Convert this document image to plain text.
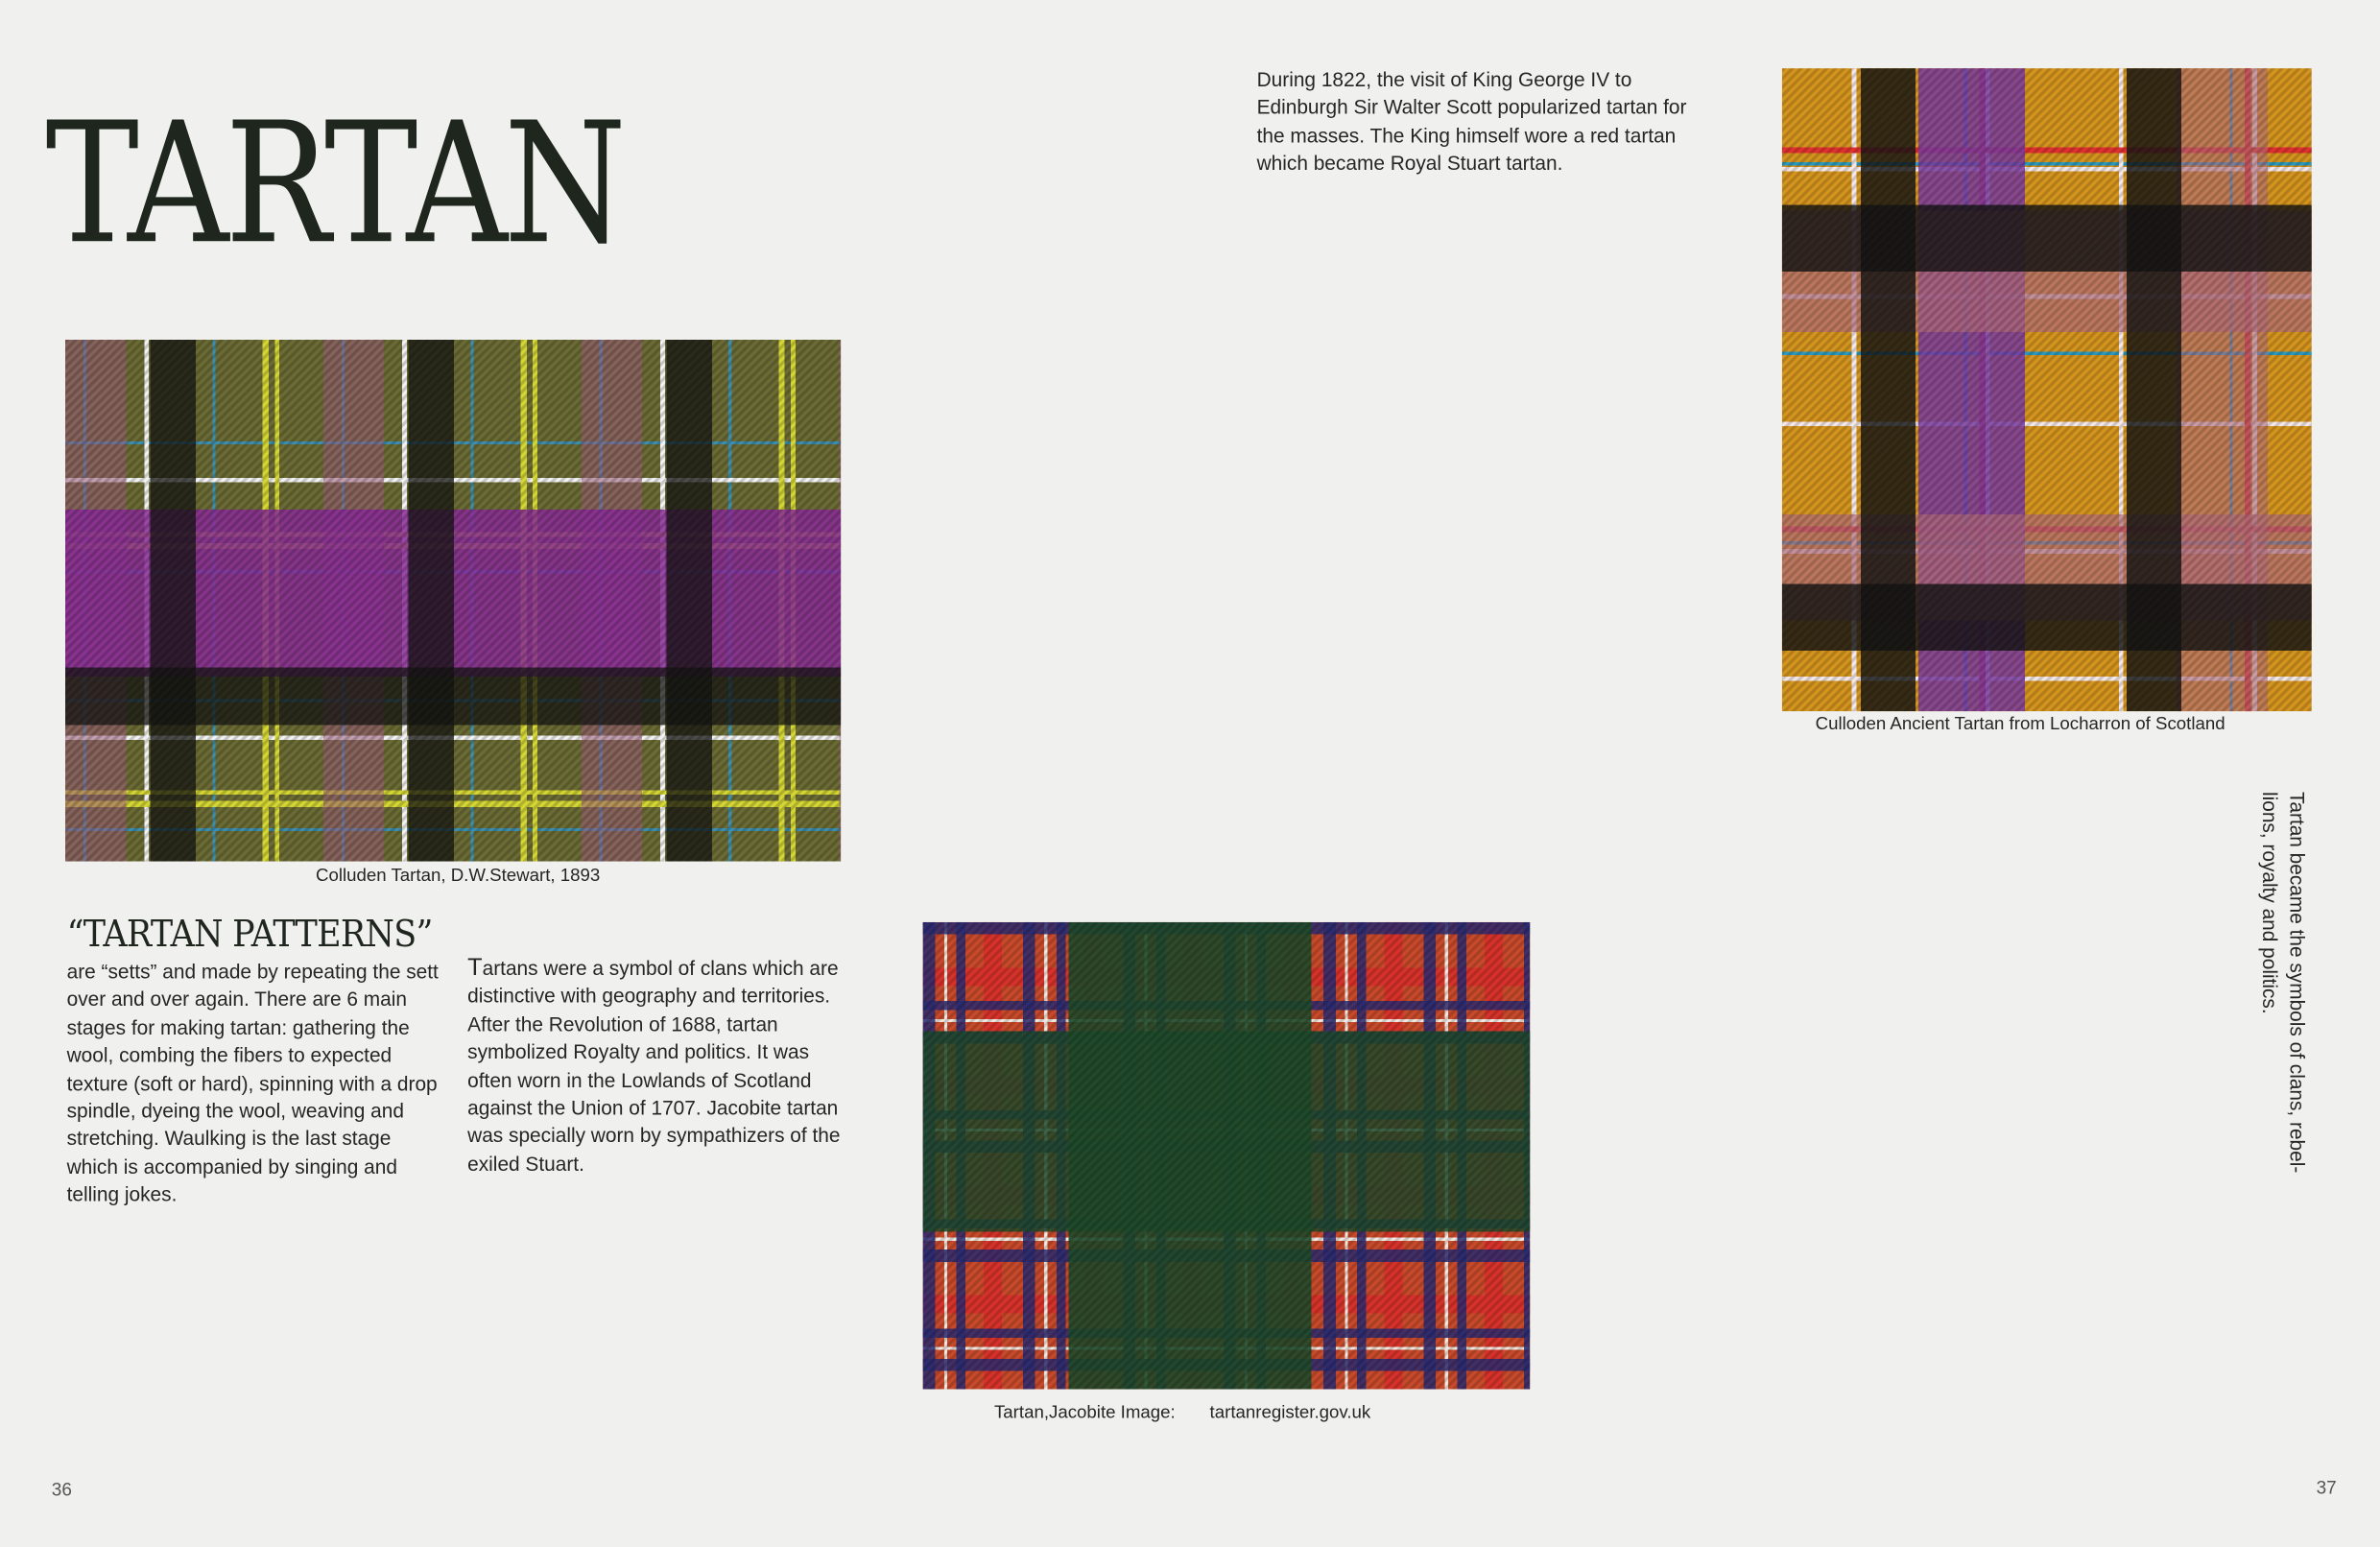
TARTAN
During 1822, the visit of King George IV to Edinburgh Sir Walter Scott popularized tartan for the masses. The King himself wore a red tartan which became Royal Stuart tartan.
Colluden Tartan, D.W.Stewart, 1893
Culloden Ancient Tartan from Locharron of Scotland
“TARTAN PATTERNS”
are “setts” and made by repeating the sett over and over again. There are 6 main stages for making tartan: gathering the wool, combing the fibers to expected texture (soft or hard), spinning with a drop spindle, dyeing the wool, weaving and stretching. Waulking is the last stage which is accompanied by singing and telling jokes.
Tartans were a symbol of clans which are distinctive with geography and territories. After the Revolution of 1688, tartan symbolized Royalty and politics. It was often worn in the Lowlands of Scotland against the Union of 1707. Jacobite tartan was specially worn by sympathizers of the exiled Stuart.
Tartan,Jacobite Image:	tartanregister.gov.uk
Tartan became the symbols of clans, rebel-lions, royalty and politics.
36	37
